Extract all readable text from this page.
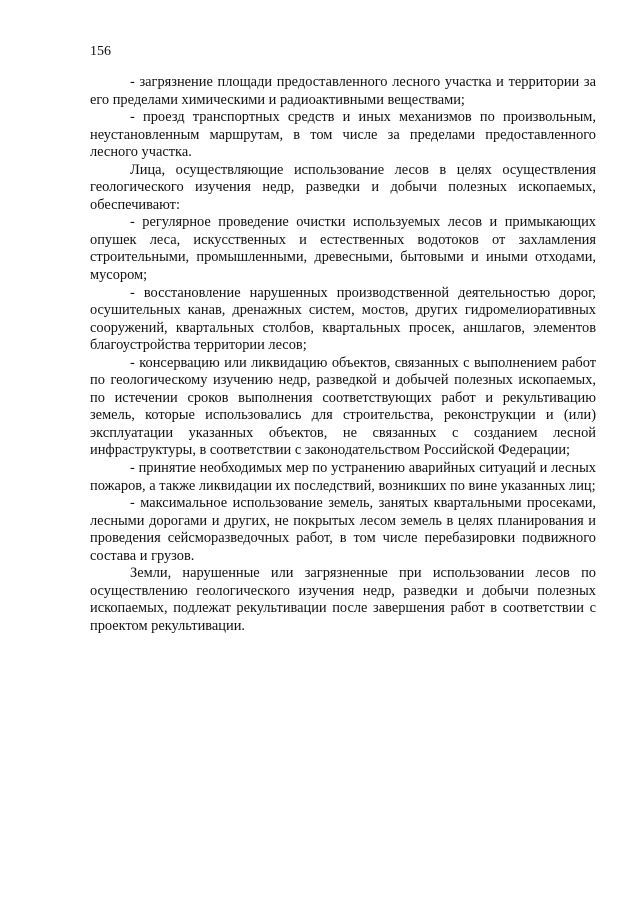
156

- загрязнение площади предоставленного лесного участка и территории за его пределами химическими и радиоактивными веществами;

- проезд транспортных средств и иных механизмов по произвольным, неустановленным маршрутам, в том числе за пределами предоставленного лесного участка.

Лица, осуществляющие использование лесов в целях осуществления геологического изучения недр, разведки и добычи полезных ископаемых, обеспечивают:

- регулярное проведение очистки используемых лесов и примыкающих опушек леса, искусственных и естественных водотоков от захламления строительными, промышленными, древесными, бытовыми и иными отходами, мусором;

- восстановление нарушенных производственной деятельностью дорог, осушительных канав, дренажных систем, мостов, других гидромелиоративных сооружений, квартальных столбов, квартальных просек, аншлагов, элементов благоустройства территории лесов;

- консервацию или ликвидацию объектов, связанных с выполнением работ по геологическому изучению недр, разведкой и добычей полезных ископаемых, по истечении сроков выполнения соответствующих работ и рекультивацию земель, которые использовались для строительства, реконструкции и (или) эксплуатации указанных объектов, не связанных с созданием лесной инфраструктуры, в соответствии с законодательством Российской Федерации;

- принятие необходимых мер по устранению аварийных ситуаций и лесных пожаров, а также ликвидации их последствий, возникших по вине указанных лиц;

- максимальное использование земель, занятых квартальными просеками, лесными дорогами и других, не покрытых лесом земель в целях планирования и проведения сейсморазведочных работ, в том числе перебазировки подвижного состава и грузов.

Земли, нарушенные или загрязненные при использовании лесов по осуществлению геологического изучения недр, разведки и добычи полезных ископаемых, подлежат рекультивации после завершения работ в соответствии с проектом рекультивации.
